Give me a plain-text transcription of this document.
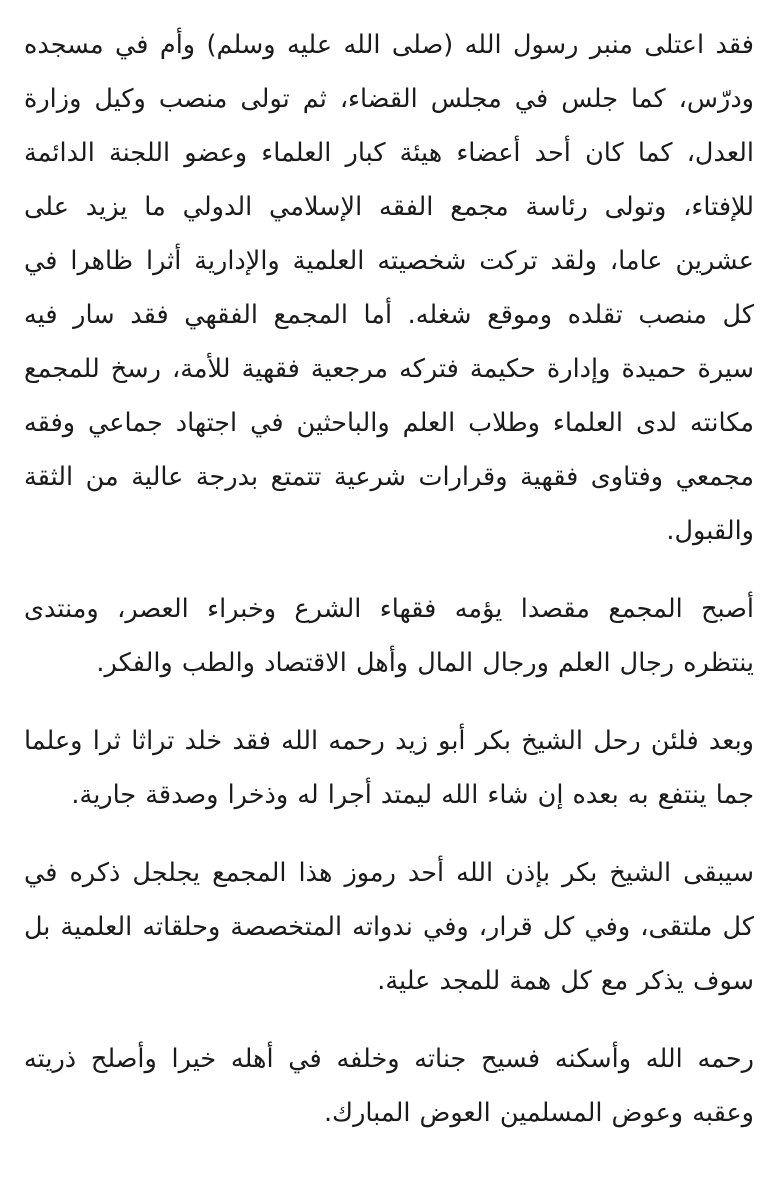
فقد اعتلى منبر رسول الله (صلى الله عليه وسلم) وأم في مسجده ودرّس، كما جلس في مجلس القضاء، ثم تولى منصب وكيل وزارة العدل، كما كان أحد أعضاء هيئة كبار العلماء وعضو اللجنة الدائمة للإفتاء، وتولى رئاسة مجمع الفقه الإسلامي الدولي ما يزيد على عشرين عاما، ولقد تركت شخصيته العلمية والإدارية أثرا ظاهرا في كل منصب تقلده وموقع شغله. أما المجمع الفقهي فقد سار فيه سيرة حميدة وإدارة حكيمة فتركه مرجعية فقهية للأمة، رسخ للمجمع مكانته لدى العلماء وطلاب العلم والباحثين في اجتهاد جماعي وفقه مجمعي وفتاوى فقهية وقرارات شرعية تتمتع بدرجة عالية من الثقة والقبول.

أصبح المجمع مقصدا يؤمه فقهاء الشرع وخبراء العصر، ومنتدى ينتظره رجال العلم ورجال المال وأهل الاقتصاد والطب والفكر.

وبعد فلئن رحل الشيخ بكر أبو زيد رحمه الله فقد خلد تراثا ثرا وعلما جما ينتفع به بعده إن شاء الله ليمتد أجرا له وذخرا وصدقة جارية.

سيبقى الشيخ بكر بإذن الله أحد رموز هذا المجمع يجلجل ذكره في كل ملتقى، وفي كل قرار، وفي ندواته المتخصصة وحلقاته العلمية بل سوف يذكر مع كل همة للمجد علية.

رحمه الله وأسكنه فسيح جناته وخلفه في أهله خيرا وأصلح ذريته وعقبه وعوض المسلمين العوض المبارك.
